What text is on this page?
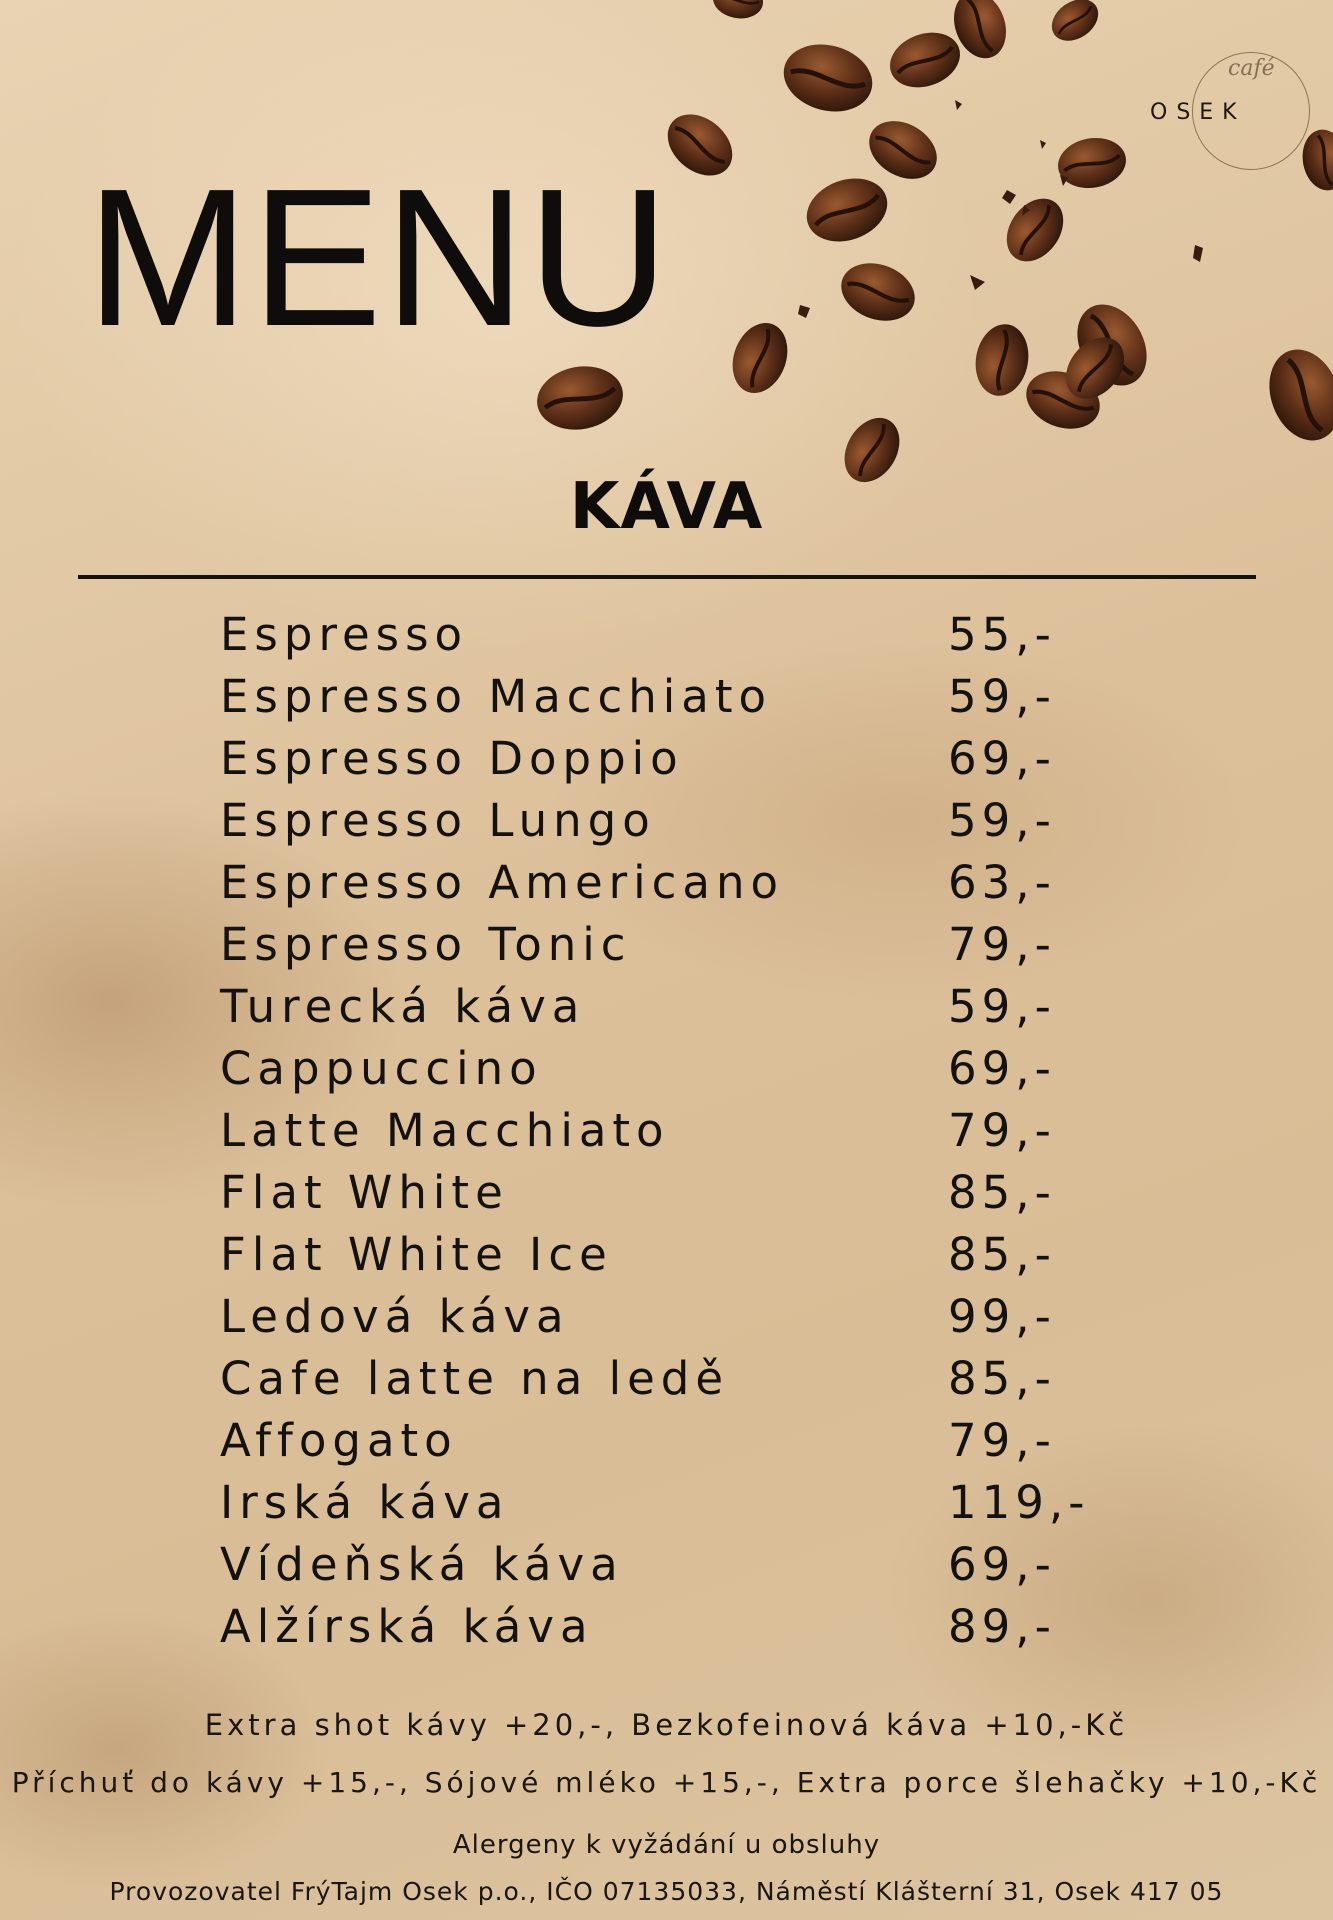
café
OSEK
MENU
KÁVA
Espresso	55,-
Espresso Macchiato	59,-
Espresso Doppio	69,-
Espresso Lungo	59,-
Espresso Americano	63,-
Espresso Tonic	79,-
Turecká káva	59,-
Cappuccino	69,-
Latte Macchiato	79,-
Flat White	85,-
Flat White Ice	85,-
Ledová káva	99,-
Cafe latte na ledě	85,-
Affogato	79,-
Irská káva	119,-
Vídeňská káva	69,-
Alžírská káva	89,-

Extra shot kávy +20,-, Bezkofeinová káva +10,-Kč

Příchuť do kávy +15,-, Sójové mléko +15,-, Extra porce šlehačky +10,-Kč

Alergeny k vyžádání u obsluhy

Provozovatel FrýTajm Osek p.o., IČO 07135033, Náměstí Klášterní 31, Osek 417 05
